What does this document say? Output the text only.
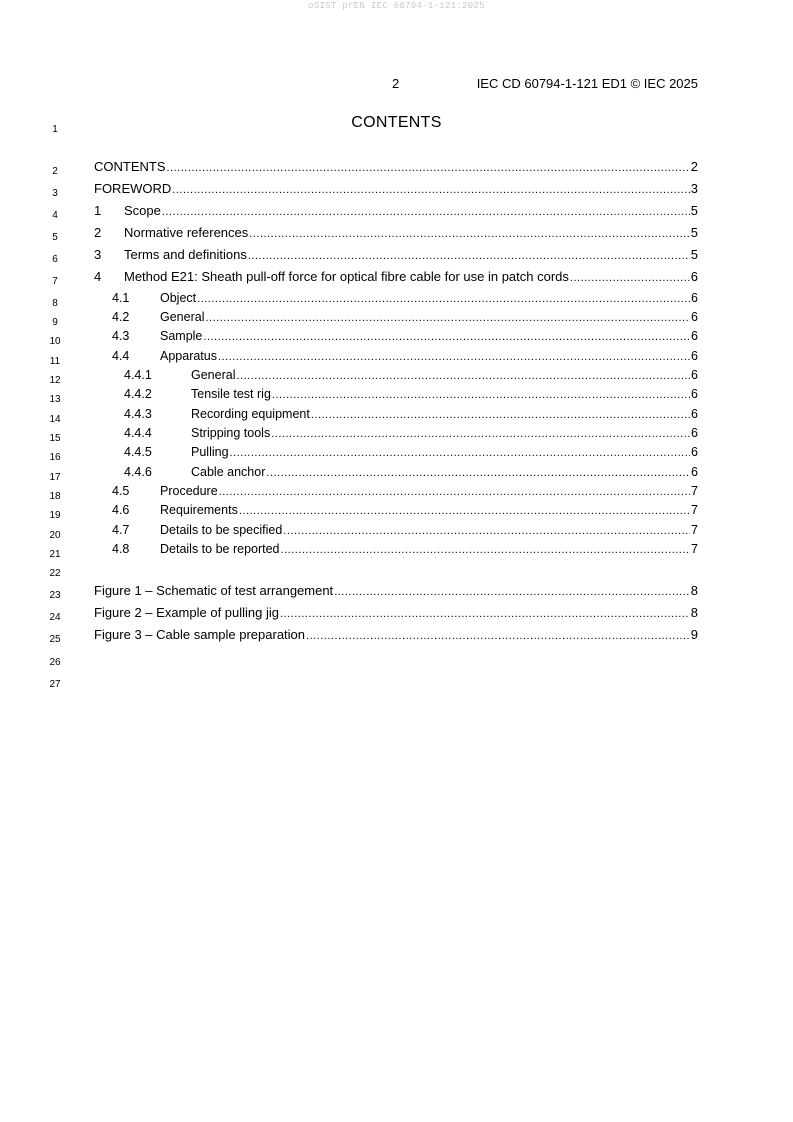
oSIST prEN IEC 60794-1-121:2025
2	IEC CD 60794-1-121 ED1 © IEC 2025
CONTENTS
1
2
3
4
5
6
7
8
9
10
11
12
13
14
15
16
17
18
19
20
21
22
23
24
25
26
27
CONTENTS .....	2
FOREWORD .....	3
1	Scope .....	5
2	Normative references .....	5
3	Terms and definitions .....	5
4	Method E21: Sheath pull-off force for optical fibre cable for use in patch cords .....	6
4.1	Object .....	6
4.2	General .....	6
4.3	Sample .....	6
4.4	Apparatus .....	6
4.4.1	General .....	6
4.4.2	Tensile test rig .....	6
4.4.3	Recording equipment .....	6
4.4.4	Stripping tools .....	6
4.4.5	Pulling .....	6
4.4.6	Cable anchor .....	6
4.5	Procedure .....	7
4.6	Requirements .....	7
4.7	Details to be specified .....	7
4.8	Details to be reported .....	7
Figure 1 – Schematic of test arrangement .....	8
Figure 2 – Example of pulling jig .....	8
Figure 3 – Cable sample preparation .....	9
